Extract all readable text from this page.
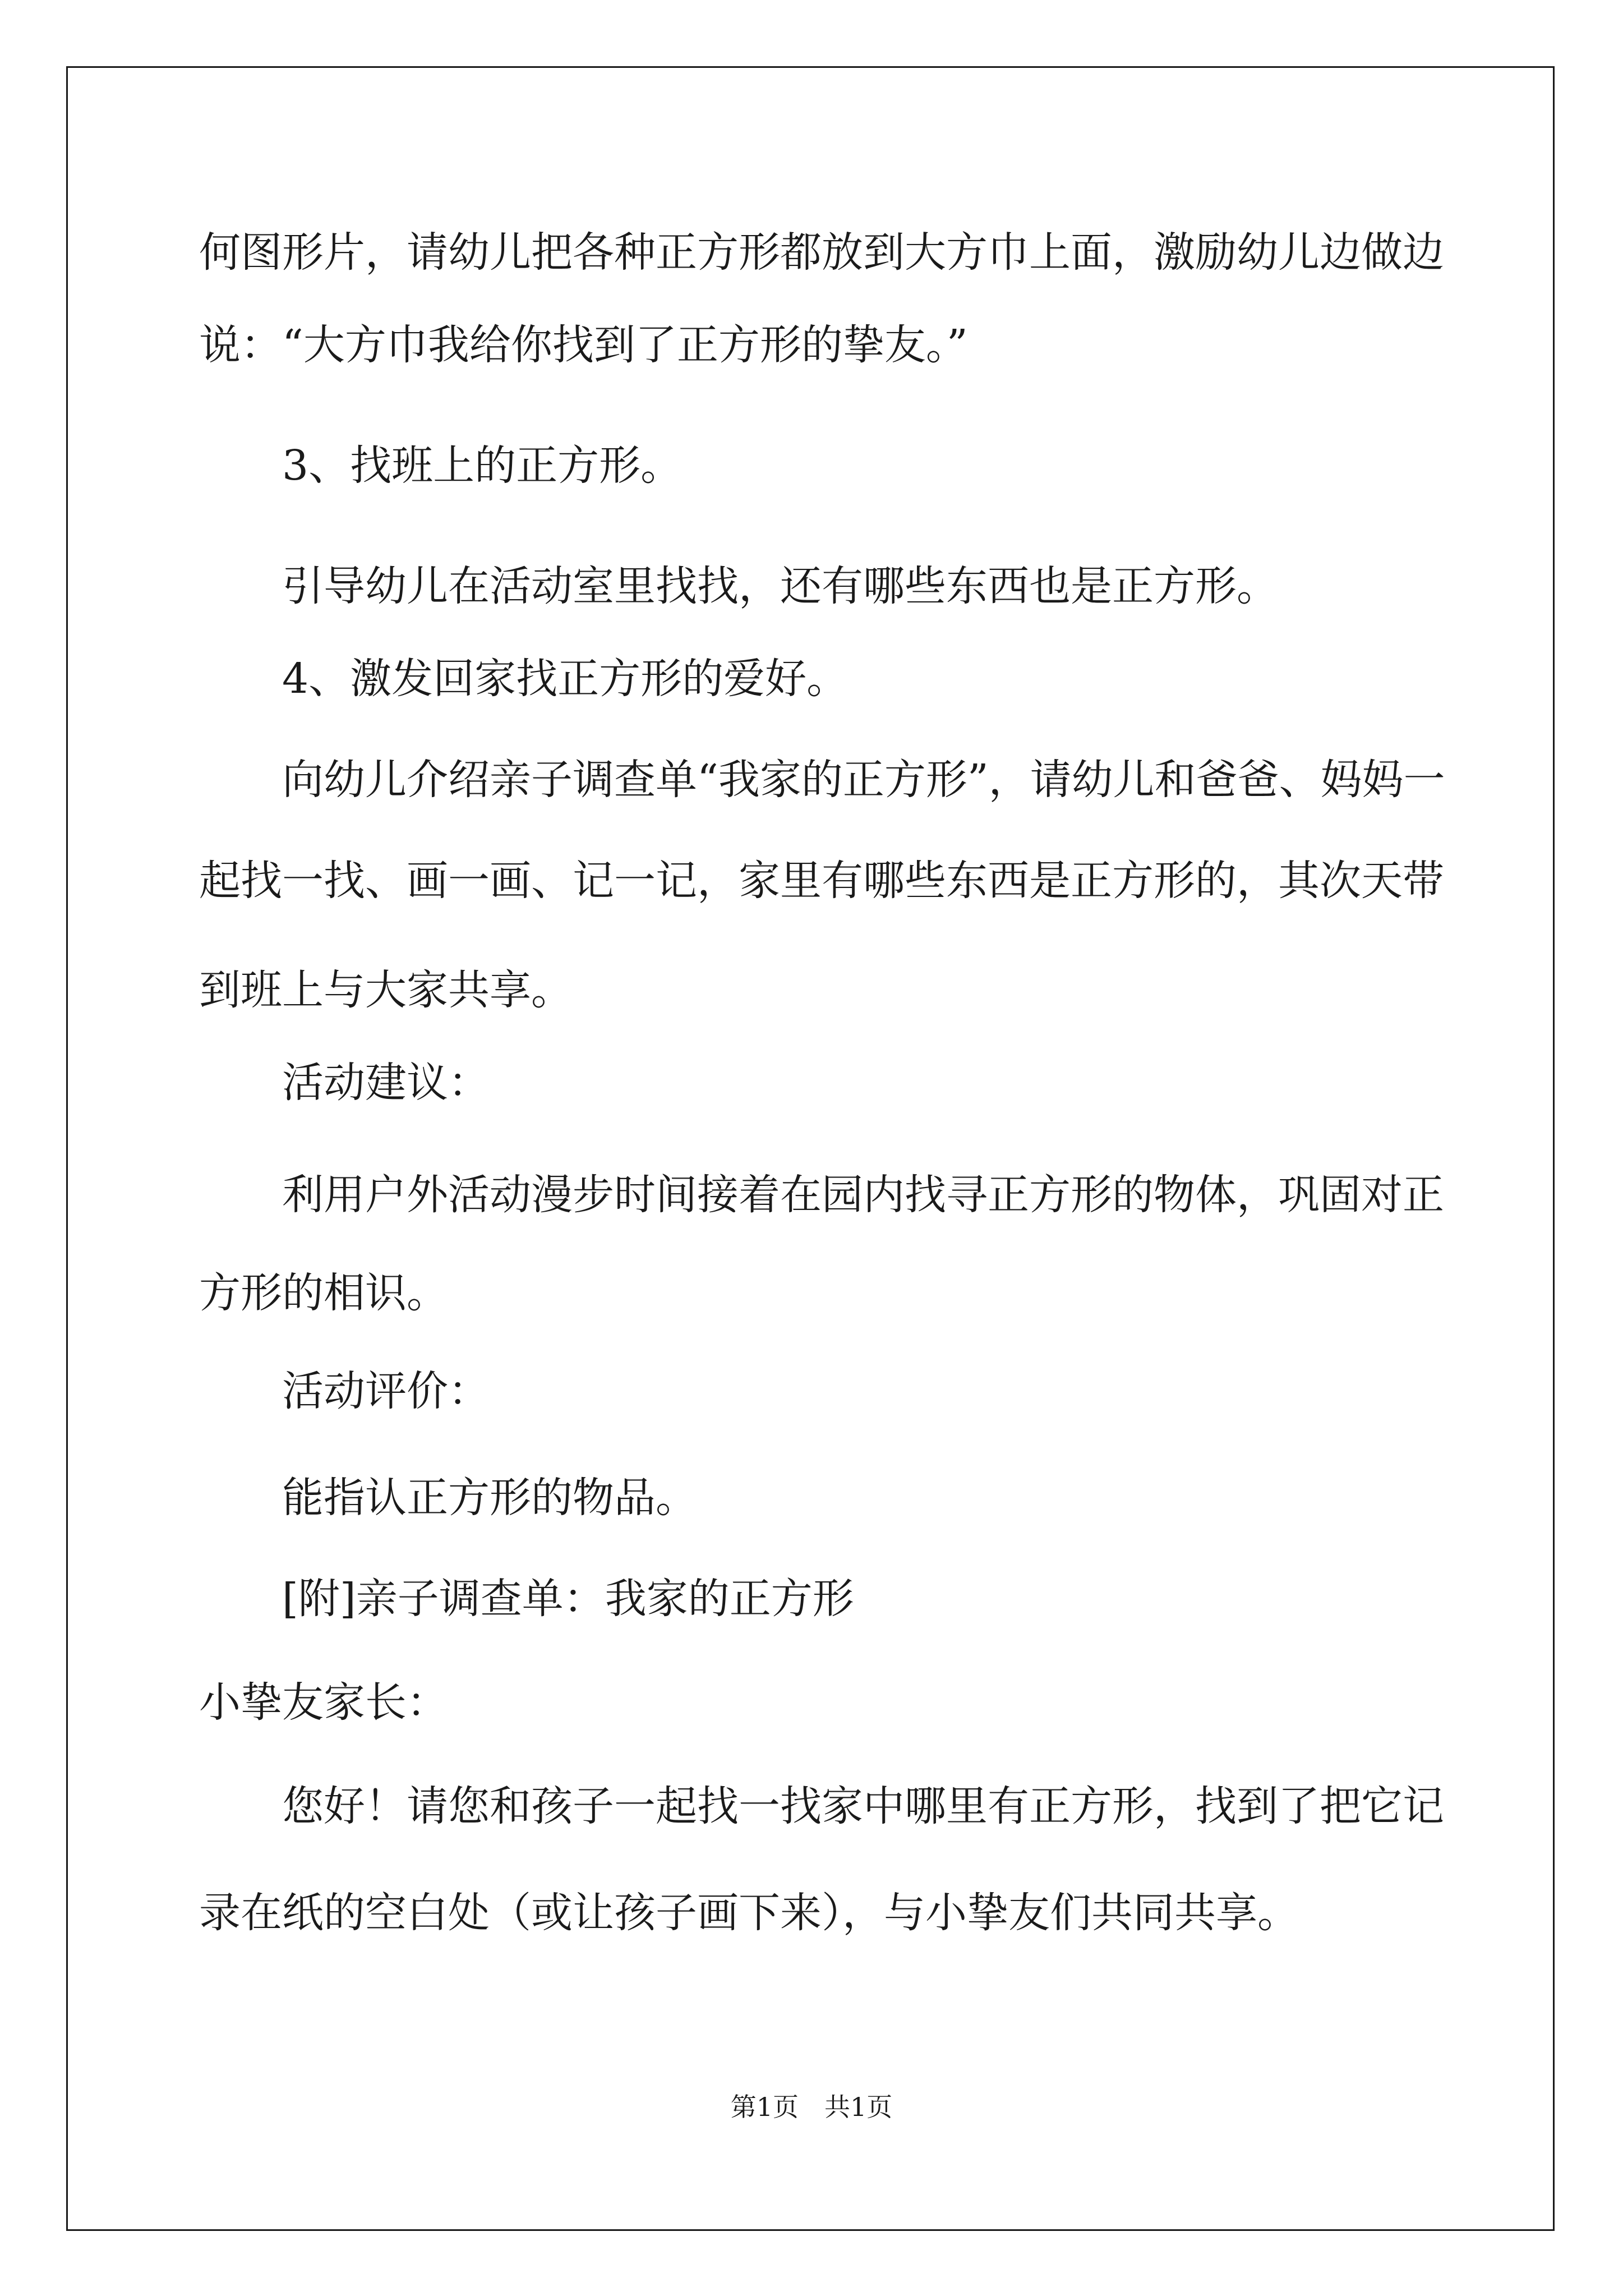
何图形片，请幼儿把各种正方形都放到大方巾上面，激励幼儿边做边
说：“大方巾我给你找到了正方形的挚友。”
3、找班上的正方形。
引导幼儿在活动室里找找，还有哪些东西也是正方形。
4、激发回家找正方形的爱好。
向幼儿介绍亲子调查单“我家的正方形”，请幼儿和爸爸、妈妈一
起找一找、画一画、记一记，家里有哪些东西是正方形的，其次天带
到班上与大家共享。
活动建议：
利用户外活动漫步时间接着在园内找寻正方形的物体，巩固对正
方形的相识。
活动评价：
能指认正方形的物品。
[附]亲子调查单：我家的正方形
小挚友家长：
您好！请您和孩子一起找一找家中哪里有正方形，找到了把它记
录在纸的空白处（或让孩子画下来），与小挚友们共同共享。
第1页　共1页
